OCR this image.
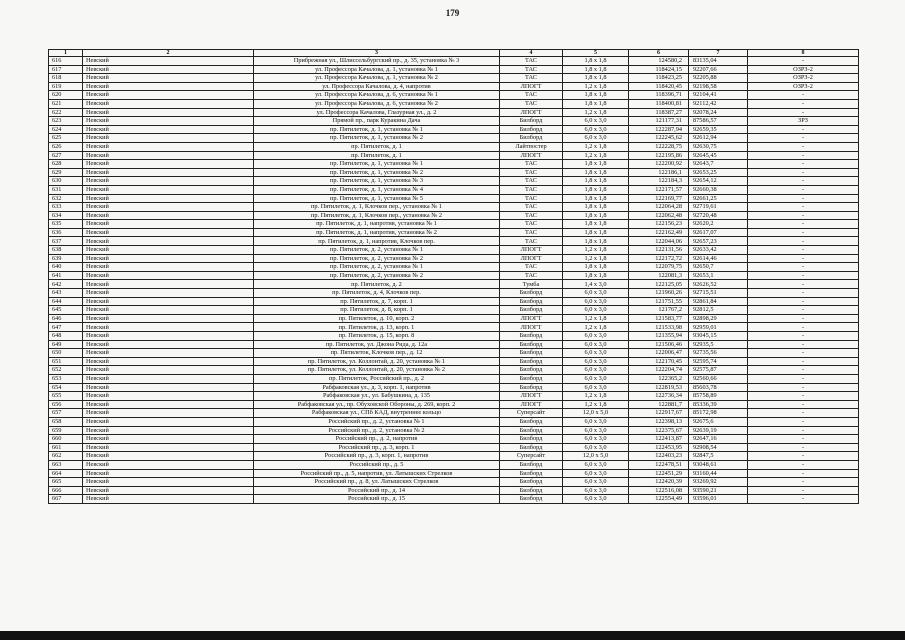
179
1	2	3	4	5	6	7	8
616	Невский	Прибрежная ул., Шлиссельбургский пр., д. 35, установка № 3	ТАС	1,8 х 1,8	124580,2	83135,04	-
617	Невский	ул. Профессора Качалова, д. 1, установка № 1	ТАС	1,8 х 1,8	118424,15	92207,66	ОЗРЗ-2
618	Невский	ул. Профессора Качалова, д. 1, установка № 2	ТАС	1,8 х 1,8	118423,25	92205,88	ОЗРЗ-2
619	Невский	ул. Профессора Качалова, д. 4, напротив	ЛПОГТ	1,2 х 1,8	118420,45	92198,58	ОЗРЗ-2
620	Невский	ул. Профессора Качалова, д. 6, установка № 1	ТАС	1,8 х 1,8	118396,71	92104,41	-
621	Невский	ул. Профессора Качалова, д. 6, установка № 2	ТАС	1,8 х 1,8	118400,81	92112,42	-
622	Невский	ул. Профессора Качалова, Глазурная ул., д. 2	ЛПОГТ	1,2 х 1,8	118387,27	92078,24	-
623	Невский	Прямой пр., парк Куракина Дача	Билборд	6,0 х 3,0	121177,31	87586,57	ЗРЗ
624	Невский	пр. Пятилеток, д. 1, установка № 1	Билборд	6,0 х 3,0	122287,94	92659,35	-
625	Невский	пр. Пятилеток, д. 1, установка № 2	Билборд	6,0 х 3,0	122245,62	92612,94	-
626	Невский	пр. Пятилеток, д. 1	Лайтпостер	1,2 х 1,8	122228,75	92630,75	-
627	Невский	пр. Пятилеток, д. 1	ЛПОГТ	1,2 х 1,8	122195,86	92645,45	-
628	Невский	пр. Пятилеток, д. 1, установка № 1	ТАС	1,8 х 1,8	122200,92	92643,7	-
629	Невский	пр. Пятилеток, д. 1, установка № 2	ТАС	1,8 х 1,8	122186,1	92653,25	-
630	Невский	пр. Пятилеток, д. 1, установка № 3	ТАС	1,8 х 1,8	122184,3	92654,12	-
631	Невский	пр. Пятилеток, д. 1, установка № 4	ТАС	1,8 х 1,8	122171,57	92660,38	-
632	Невский	пр. Пятилеток, д. 1, установка № 5	ТАС	1,8 х 1,8	122169,77	92661,25	-
633	Невский	пр. Пятилеток, д. 1, Клочков пер., установка № 1	ТАС	1,8 х 1,8	122064,28	92719,61	-
634	Невский	пр. Пятилеток, д. 1, Клочков пер., установка № 2	ТАС	1,8 х 1,8	122062,48	92720,48	-
635	Невский	пр. Пятилеток, д. 1, напротив, установка № 1	ТАС	1,8 х 1,8	122156,23	92620,2	-
636	Невский	пр. Пятилеток, д. 1, напротив, установка № 2	ТАС	1,8 х 1,8	122162,49	92617,07	-
637	Невский	пр. Пятилеток, д. 1, напротив, Клочков пер.	ТАС	1,8 х 1,8	122044,06	92657,23	-
638	Невский	пр. Пятилеток, д. 2, установка № 1	ЛПОГТ	1,2 х 1,8	122131,56	92633,42	-
639	Невский	пр. Пятилеток, д. 2, установка № 2	ЛПОГТ	1,2 х 1,8	122172,72	92614,46	-
640	Невский	пр. Пятилеток, д. 2, установка № 1	ТАС	1,8 х 1,8	122079,75	92650,7	-
641	Невский	пр. Пятилеток, д. 2, установка № 2	ТАС	1,8 х 1,8	122081,3	92653,1	-
642	Невский	пр. Пятилеток, д. 2	Тумба	1,4 х 3,0	122125,05	92626,52	-
643	Невский	пр. Пятилеток, д. 4, Клочков пер.	Билборд	6,0 х 3,0	121960,26	92715,51	-
644	Невский	пр. Пятилеток, д. 7, корп. 1	Билборд	6,0 х 3,0	121751,55	92861,84	-
645	Невский	пр. Пятилеток, д. 8, корп. 1	Билборд	6,0 х 3,0	121767,2	92812,5	-
646	Невский	пр. Пятилеток, д. 10, корп. 2	ЛПОГТ	1,2 х 1,8	121583,77	92898,29	-
647	Невский	пр. Пятилеток, д. 13, корп. 1	ЛПОГТ	1,2 х 1,8	121533,98	92959,01	-
648	Невский	пр. Пятилеток, д. 15, корп. 8	Билборд	6,0 х 3,0	121355,94	93045,15	-
649	Невский	пр. Пятилеток, ул. Джона Рида, д. 12а	Билборд	6,0 х 3,0	121506,46	92935,5	-
650	Невский	пр. Пятилеток, Клочков пер., д. 12	Билборд	6,0 х 3,0	122006,47	92735,56	-
651	Невский	пр. Пятилеток, ул. Коллонтай, д. 20, установка № 1	Билборд	6,0 х 3,0	122170,45	92595,74	-
652	Невский	пр. Пятилеток, ул. Коллонтай, д. 20, установка № 2	Билборд	6,0 х 3,0	122204,74	92575,87	-
653	Невский	пр. Пятилеток, Российский пр., д. 2	Билборд	6,0 х 3,0	122365,2	92560,66	-
654	Невский	Рабфаковская ул., д. 3, корп. 1, напротив	Билборд	6,0 х 3,0	122819,53	85603,78	-
655	Невский	Рабфаковская ул., ул. Бабушкина, д. 135	ЛПОГТ	1,2 х 1,8	122736,34	85758,89	-
656	Невский	Рабфаковская ул., пр. Обуховской Обороны, д. 269, корп. 2	ЛПОГТ	1,2 х 1,8	122881,7	85336,39	-
657	Невский	Рабфаковская ул., СПб КАД, внутреннее кольцо	Суперсайт	12,0 х 5,0	122917,67	85172,98	-
658	Невский	Российский пр., д. 2, установка № 1	Билборд	6,0 х 3,0	122398,13	92675,6	-
659	Невский	Российский пр., д. 2, установка № 2	Билборд	6,0 х 3,0	122375,67	92639,19	-
660	Невский	Российский пр., д. 2, напротив	Билборд	6,0 х 3,0	122413,87	92647,16	-
661	Невский	Российский пр., д. 3, корп. 1	Билборд	6,0 х 3,0	122453,95	92908,54	-
662	Невский	Российский пр., д. 3, корп. 1, напротив	Суперсайт	12,0 х 5,0	122403,23	92847,5	-
663	Невский	Российский пр., д. 5	Билборд	6,0 х 3,0	122478,51	93048,61	-
664	Невский	Российский пр., д. 5, напротив, ул. Латышских Стрелков	Билборд	6,0 х 3,0	122451,29	93160,44	-
665	Невский	Российский пр., д. 8, ул. Латышских Стрелков	Билборд	6,0 х 3,0	122420,39	93269,92	-
666	Невский	Российский пр., д. 14	Билборд	6,0 х 3,0	122516,08	93590,21	-
667	Невский	Российский пр., д. 15	Билборд	6,0 х 3,0	122554,49	93596,01	-
